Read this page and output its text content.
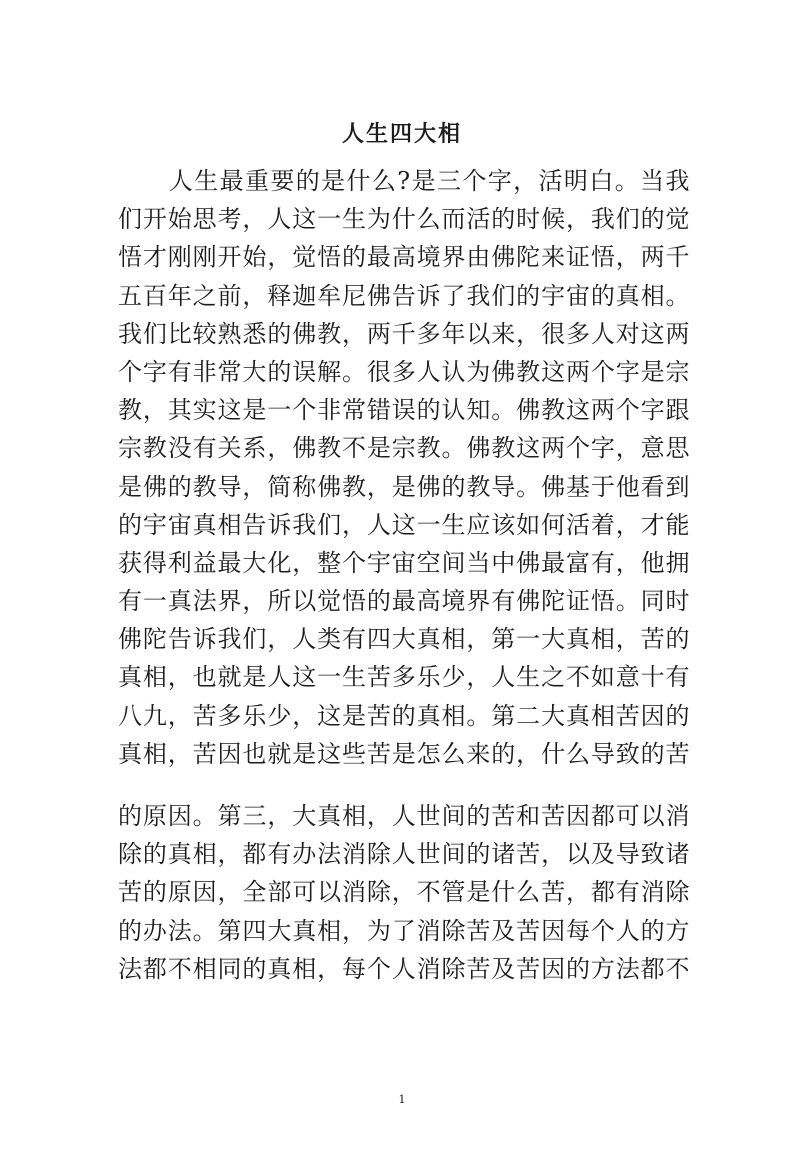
人生四大相
　　人生最重要的是什么?是三个字，活明白。当我
们开始思考，人这一生为什么而活的时候，我们的觉
悟才刚刚开始，觉悟的最高境界由佛陀来证悟，两千
五百年之前，释迦牟尼佛告诉了我们的宇宙的真相。
我们比较熟悉的佛教，两千多年以来，很多人对这两
个字有非常大的误解。很多人认为佛教这两个字是宗
教，其实这是一个非常错误的认知。佛教这两个字跟
宗教没有关系，佛教不是宗教。佛教这两个字，意思
是佛的教导，简称佛教，是佛的教导。佛基于他看到
的宇宙真相告诉我们，人这一生应该如何活着，才能
获得利益最大化，整个宇宙空间当中佛最富有，他拥
有一真法界，所以觉悟的最高境界有佛陀证悟。同时
佛陀告诉我们，人类有四大真相，第一大真相，苦的
真相，也就是人这一生苦多乐少，人生之不如意十有
八九，苦多乐少，这是苦的真相。第二大真相苦因的
真相，苦因也就是这些苦是怎么来的，什么导致的苦
的原因。第三，大真相，人世间的苦和苦因都可以消
除的真相，都有办法消除人世间的诸苦，以及导致诸
苦的原因，全部可以消除，不管是什么苦，都有消除
的办法。第四大真相，为了消除苦及苦因每个人的方
法都不相同的真相，每个人消除苦及苦因的方法都不
1
